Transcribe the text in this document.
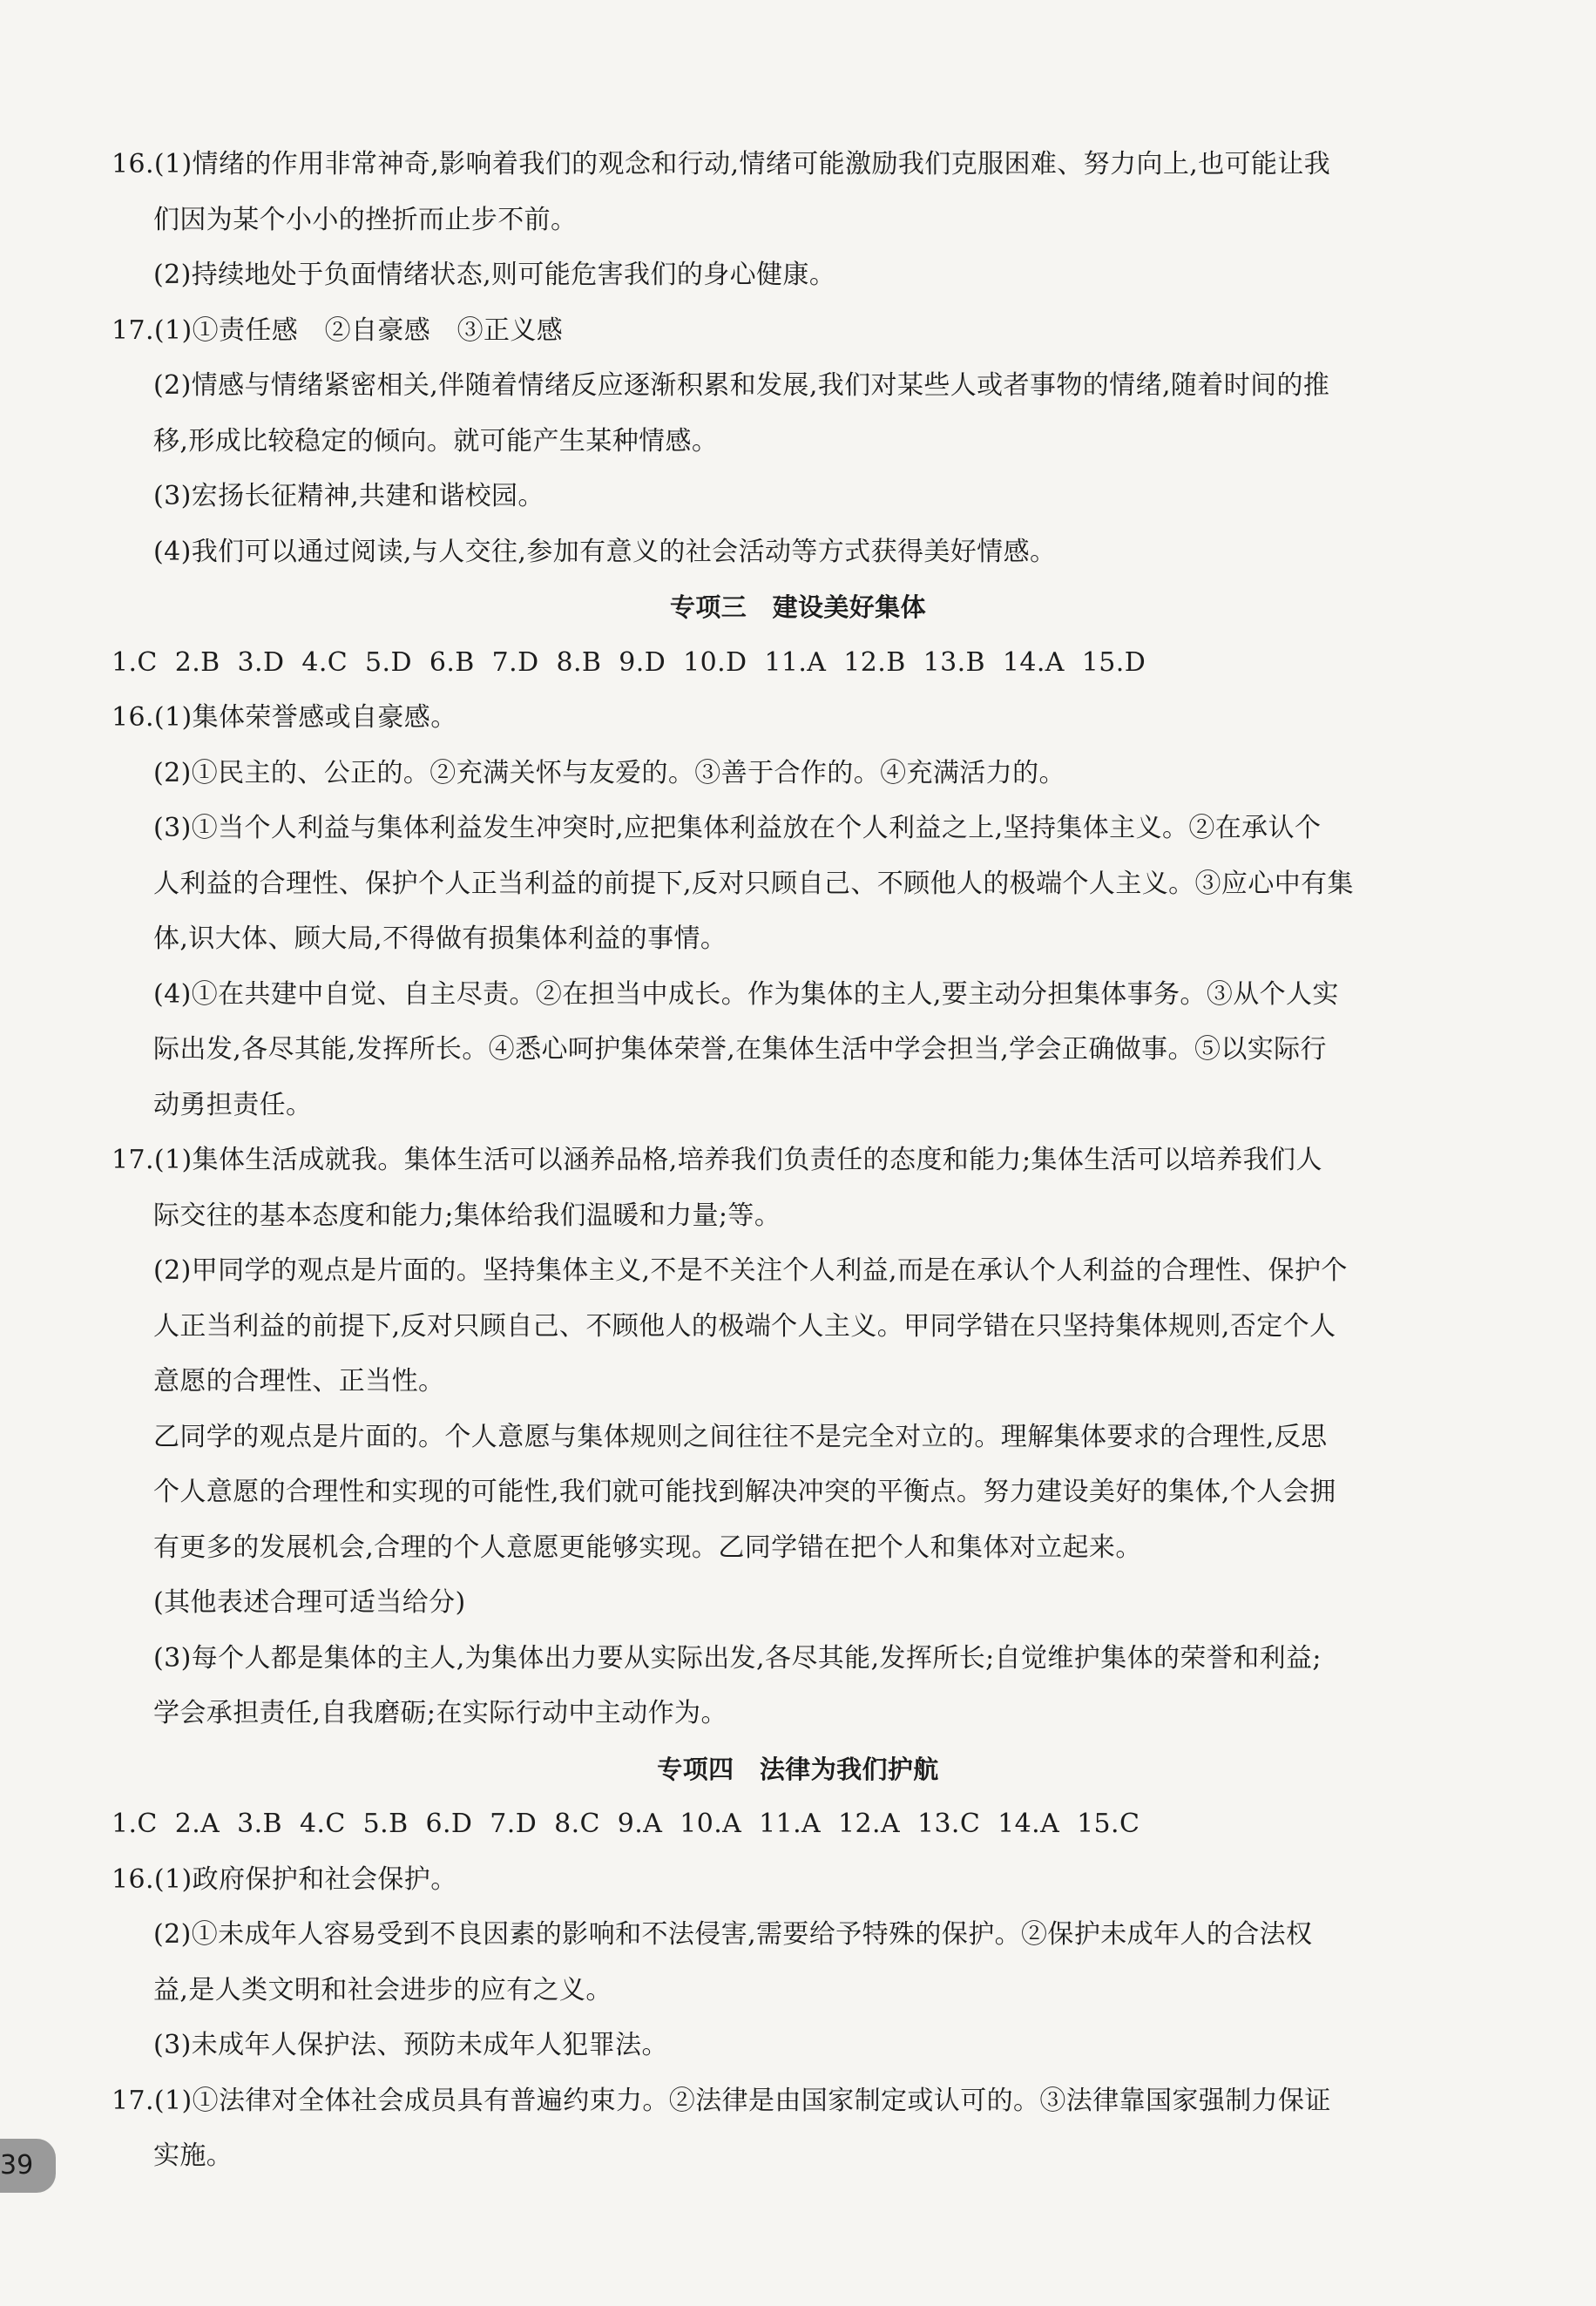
16.(1)情绪的作用非常神奇,影响着我们的观念和行动,情绪可能激励我们克服困难、努力向上,也可能让我
们因为某个小小的挫折而止步不前。
(2)持续地处于负面情绪状态,则可能危害我们的身心健康。
17.(1)①责任感　②自豪感　③正义感
(2)情感与情绪紧密相关,伴随着情绪反应逐渐积累和发展,我们对某些人或者事物的情绪,随着时间的推
移,形成比较稳定的倾向。就可能产生某种情感。
(3)宏扬长征精神,共建和谐校园。
(4)我们可以通过阅读,与人交往,参加有意义的社会活动等方式获得美好情感。
专项三　建设美好集体
1.C 2.B 3.D 4.C 5.D 6.B 7.D 8.B 9.D 10.D 11.A 12.B 13.B 14.A 15.D
16.(1)集体荣誉感或自豪感。
(2)①民主的、公正的。②充满关怀与友爱的。③善于合作的。④充满活力的。
(3)①当个人利益与集体利益发生冲突时,应把集体利益放在个人利益之上,坚持集体主义。②在承认个
人利益的合理性、保护个人正当利益的前提下,反对只顾自己、不顾他人的极端个人主义。③应心中有集
体,识大体、顾大局,不得做有损集体利益的事情。
(4)①在共建中自觉、自主尽责。②在担当中成长。作为集体的主人,要主动分担集体事务。③从个人实
际出发,各尽其能,发挥所长。④悉心呵护集体荣誉,在集体生活中学会担当,学会正确做事。⑤以实际行
动勇担责任。
17.(1)集体生活成就我。集体生活可以涵养品格,培养我们负责任的态度和能力;集体生活可以培养我们人
际交往的基本态度和能力;集体给我们温暖和力量;等。
(2)甲同学的观点是片面的。坚持集体主义,不是不关注个人利益,而是在承认个人利益的合理性、保护个
人正当利益的前提下,反对只顾自己、不顾他人的极端个人主义。甲同学错在只坚持集体规则,否定个人
意愿的合理性、正当性。
乙同学的观点是片面的。个人意愿与集体规则之间往往不是完全对立的。理解集体要求的合理性,反思
个人意愿的合理性和实现的可能性,我们就可能找到解决冲突的平衡点。努力建设美好的集体,个人会拥
有更多的发展机会,合理的个人意愿更能够实现。乙同学错在把个人和集体对立起来。
(其他表述合理可适当给分)
(3)每个人都是集体的主人,为集体出力要从实际出发,各尽其能,发挥所长;自觉维护集体的荣誉和利益;
学会承担责任,自我磨砺;在实际行动中主动作为。
专项四　法律为我们护航
1.C 2.A 3.B 4.C 5.B 6.D 7.D 8.C 9.A 10.A 11.A 12.A 13.C 14.A 15.C
16.(1)政府保护和社会保护。
(2)①未成年人容易受到不良因素的影响和不法侵害,需要给予特殊的保护。②保护未成年人的合法权
益,是人类文明和社会进步的应有之义。
(3)未成年人保护法、预防未成年人犯罪法。
17.(1)①法律对全体社会成员具有普遍约束力。②法律是由国家制定或认可的。③法律靠国家强制力保证
实施。
39
